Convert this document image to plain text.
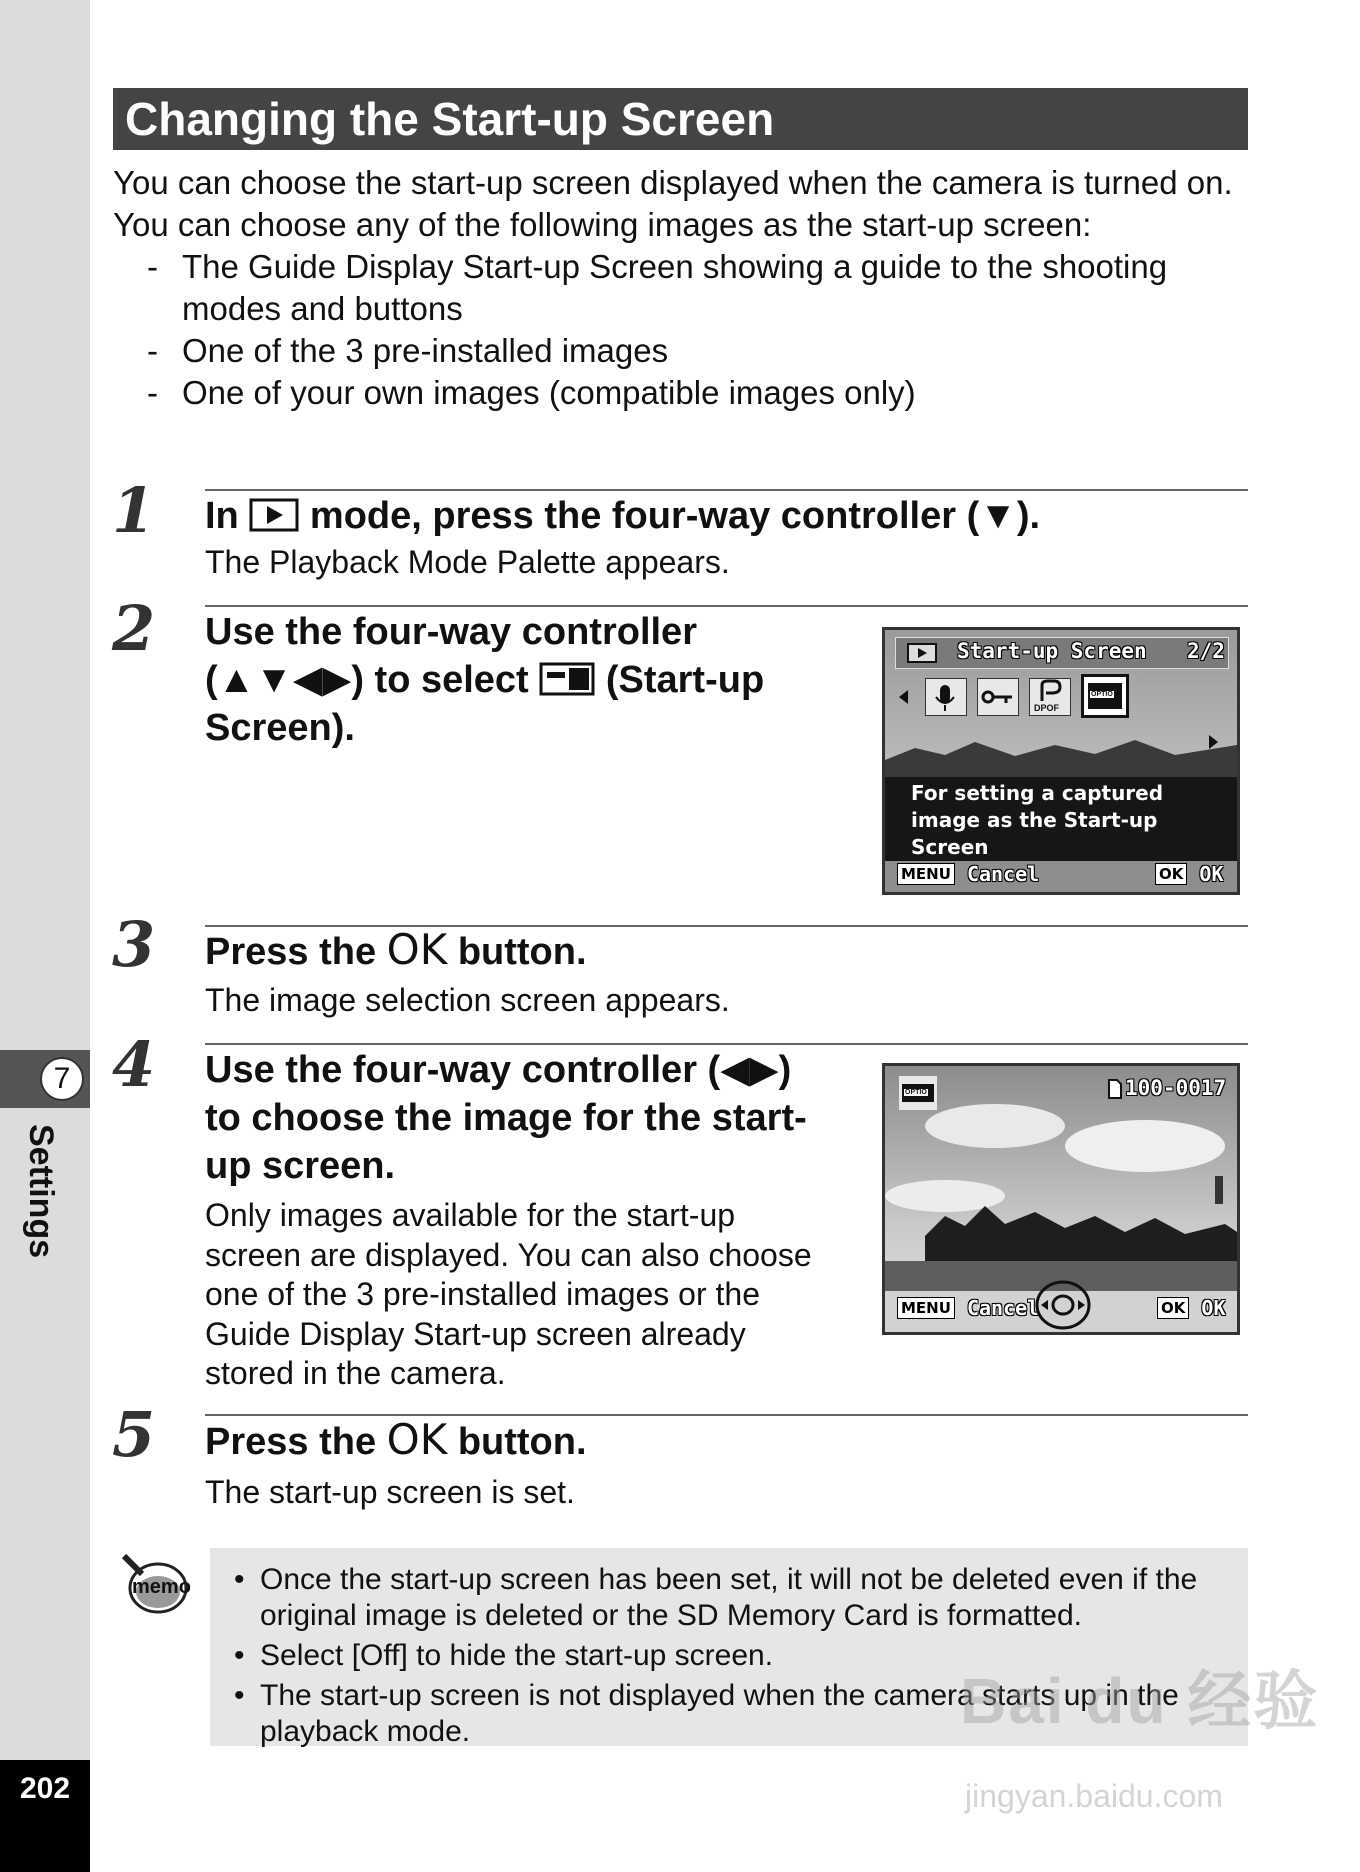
7
Settings
202
Changing the Start-up Screen

You can choose the start-up screen displayed when the camera is turned on.

You can choose any of the following images as the start-up screen:

- The Guide Display Start-up Screen showing a guide to the shooting modes and buttons
- One of the 3 pre-installed images
- One of your own images (compatible images only)
1 In mode, press the four-way controller (▼).
The Playback Mode Palette appears.
2 Use the four-way controller
(▲▼◀▶) to select (Start-up
Screen).
Start-up Screen 2/2
DPOF
OPTIO
For setting a captured
image as the Start-up
Screen
MENU Cancel	OK OK
3 Press the OK button.
The image selection screen appears.
4 Use the four-way controller (◀▶)
to choose the image for the start-
up screen.
Only images available for the start-up
screen are displayed. You can also choose
one of the 3 pre-installed images or the
Guide Display Start-up screen already
stored in the camera.
OPTIO	100-0017
MENU Cancel	OK OK
5 Press the OK button.
The start-up screen is set.
memo • Once the start-up screen has been set, it will not be deleted even if the original image is deleted or the SD Memory Card is formatted.
• Select [Off] to hide the start-up screen.
• The start-up screen is not displayed when the camera starts up in the playback mode.	Bai du 经验
jingyan.baidu.com
